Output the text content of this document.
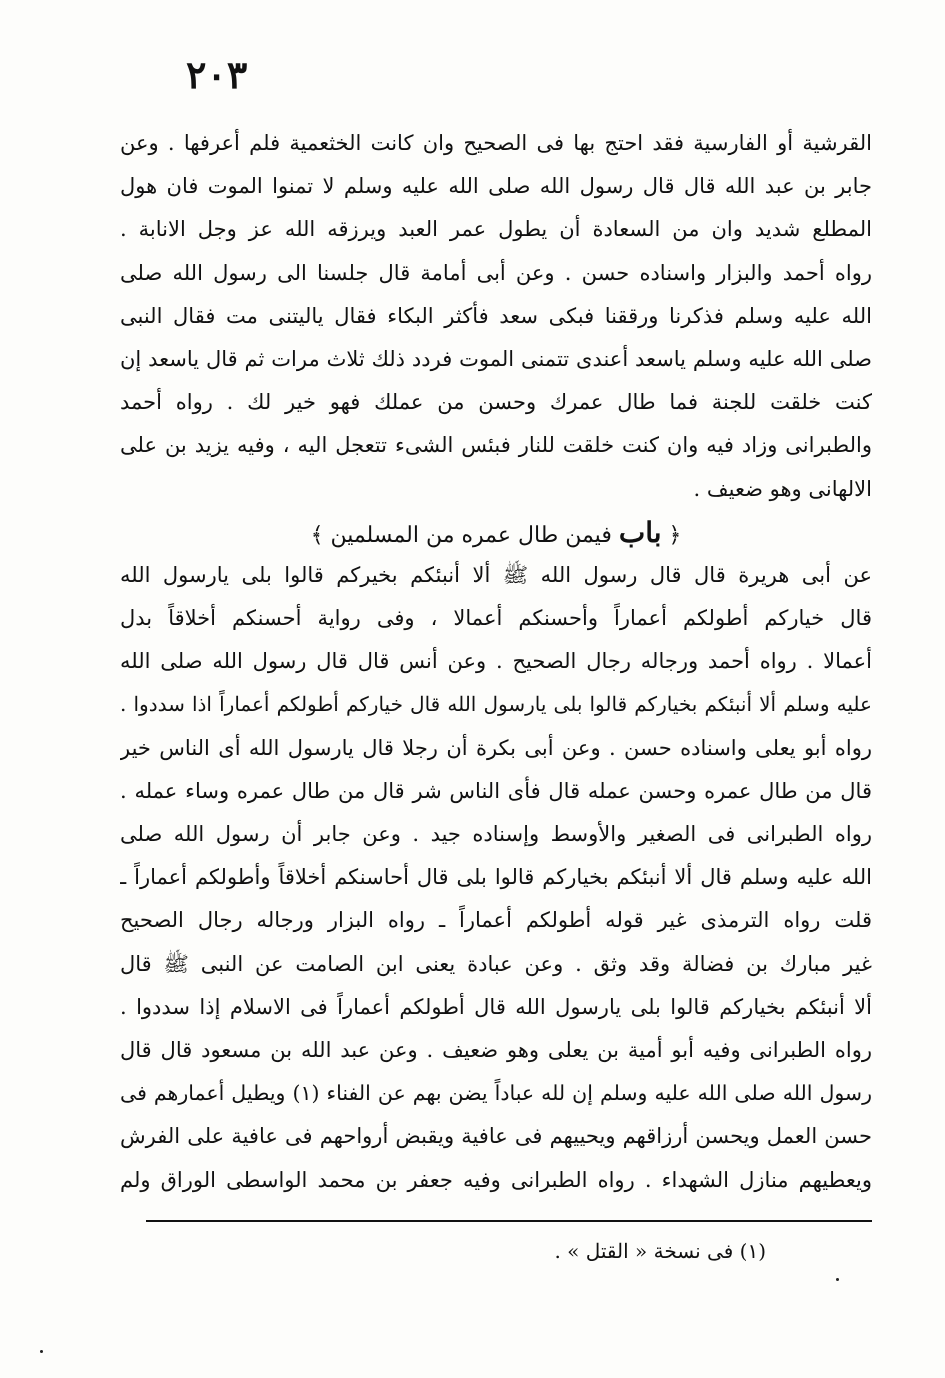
٢٠٣
القرشية أو الفارسية فقد احتج بها فى الصحيح وان كانت الخثعمية فلم أعرفها . وعن
جابر بن عبد الله قال قال رسول الله صلى الله عليه وسلم لا تمنوا الموت فان هول
المطلع شديد وان من السعادة أن يطول عمر العبد ويرزقه الله عز وجل الانابة .
رواه أحمد والبزار واسناده حسن . وعن أبى أمامة قال جلسنا الى رسول الله صلى
الله عليه وسلم فذكرنا ورققنا فبكى سعد فأكثر البكاء فقال ياليتنى مت فقال النبى
صلى الله عليه وسلم ياسعد أعندى تتمنى الموت فردد ذلك ثلاث مرات ثم قال ياسعد إن
كنت خلقت للجنة فما طال عمرك وحسن من عملك فهو خير لك . رواه أحمد
والطبرانى وزاد فيه وان كنت خلقت للنار فبئس الشىء تتعجل اليه ، وفيه يزيد بن على
الالهانى وهو ضعيف .
﴿ باب فيمن طال عمره من المسلمين ﴾
عن أبى هريرة قال قال رسول الله ﷺ ألا أنبئكم بخيركم قالوا بلى يارسول الله
قال خياركم أطولكم أعماراً وأحسنكم أعمالا ، وفى رواية أحسنكم أخلاقاً بدل
أعمالا . رواه أحمد ورجاله رجال الصحيح . وعن أنس قال قال رسول الله صلى الله
عليه وسلم ألا أنبئكم بخياركم قالوا بلى يارسول الله قال خياركم أطولكم أعماراً اذا سددوا .
رواه أبو يعلى واسناده حسن . وعن أبى بكرة أن رجلا قال يارسول الله أى الناس خير
قال من طال عمره وحسن عمله قال فأى الناس شر قال من طال عمره وساء عمله .
رواه الطبرانى فى الصغير والأوسط وإسناده جيد . وعن جابر أن رسول الله صلى
الله عليه وسلم قال ألا أنبئكم بخياركم قالوا بلى قال أحاسنكم أخلاقاً وأطولكم أعماراً ـ
قلت رواه الترمذى غير قوله أطولكم أعماراً ـ رواه البزار ورجاله رجال الصحيح
غير مبارك بن فضالة وقد وثق . وعن عبادة يعنى ابن الصامت عن النبى ﷺ قال
ألا أنبئكم بخياركم قالوا بلى يارسول الله قال أطولكم أعماراً فى الاسلام إذا سددوا .
رواه الطبرانى وفيه أبو أمية بن يعلى وهو ضعيف . وعن عبد الله بن مسعود قال قال
رسول الله صلى الله عليه وسلم إن لله عباداً يضن بهم عن الفناء (١) ويطيل أعمارهم فى
حسن العمل ويحسن أرزاقهم ويحييهم فى عافية ويقبض أرواحهم فى عافية على الفرش
ويعطيهم منازل الشهداء . رواه الطبرانى وفيه جعفر بن محمد الواسطى الوراق ولم
(١) فى نسخة « القتل » .
